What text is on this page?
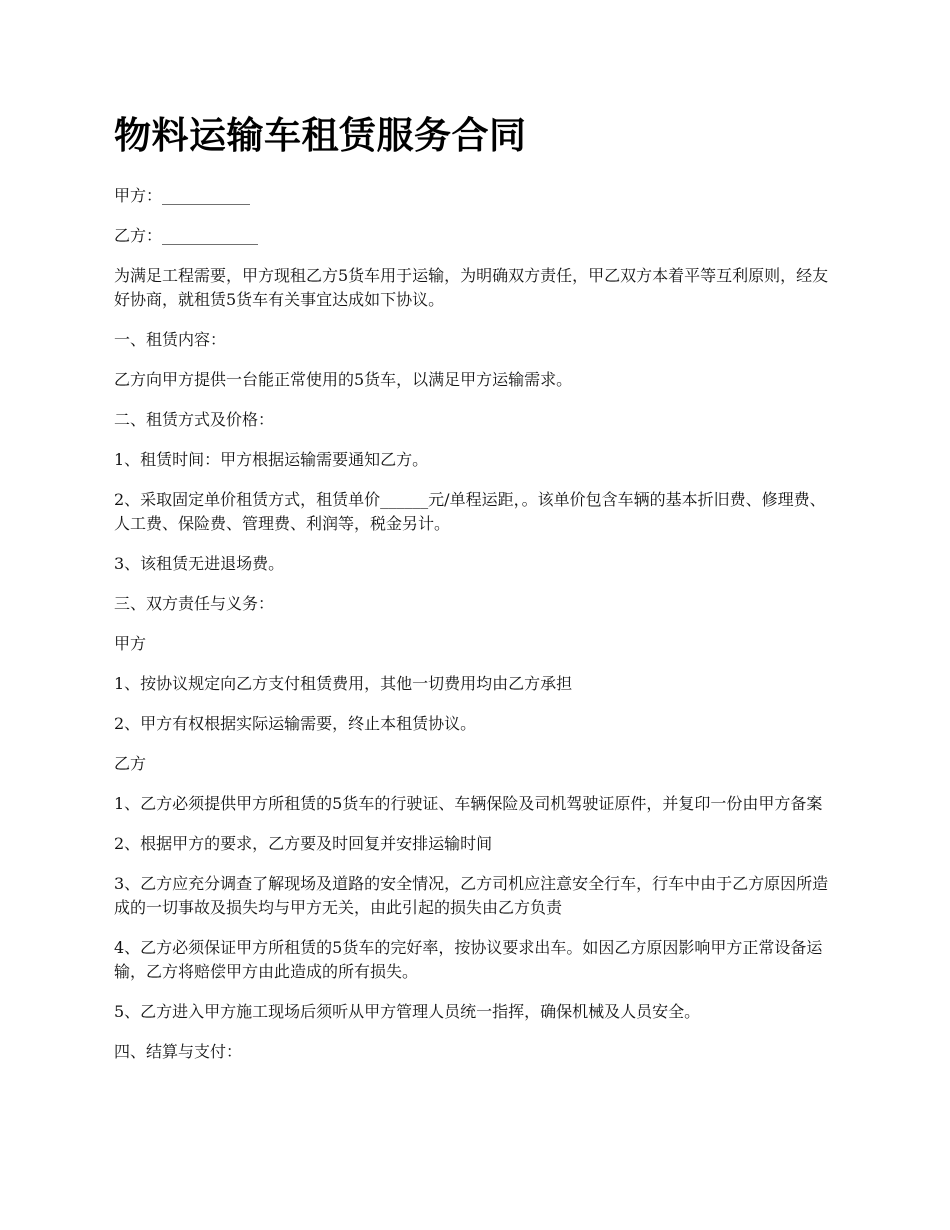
物料运输车租赁服务合同

甲方：___________

乙方：____________

为满足工程需要，甲方现租乙方5货车用于运输，为明确双方责任，甲乙双方本着平等互利原则，经友好协商，就租赁5货车有关事宜达成如下协议。

一、租赁内容：

乙方向甲方提供一台能正常使用的5货车，以满足甲方运输需求。

二、租赁方式及价格：

1、租赁时间：甲方根据运输需要通知乙方。

2、采取固定单价租赁方式，租赁单价______元/单程运距，。该单价包含车辆的基本折旧费、修理费、人工费、保险费、管理费、利润等，税金另计。

3、该租赁无进退场费。

三、双方责任与义务：

甲方

1、按协议规定向乙方支付租赁费用，其他一切费用均由乙方承担

2、甲方有权根据实际运输需要，终止本租赁协议。

乙方

1、乙方必须提供甲方所租赁的5货车的行驶证、车辆保险及司机驾驶证原件，并复印一份由甲方备案

2、根据甲方的要求，乙方要及时回复并安排运输时间

3、乙方应充分调查了解现场及道路的安全情况，乙方司机应注意安全行车，行车中由于乙方原因所造成的一切事故及损失均与甲方无关，由此引起的损失由乙方负责

4、乙方必须保证甲方所租赁的5货车的完好率，按协议要求出车。如因乙方原因影响甲方正常设备运输，乙方将赔偿甲方由此造成的所有损失。

5、乙方进入甲方施工现场后须听从甲方管理人员统一指挥，确保机械及人员安全。

四、结算与支付：
